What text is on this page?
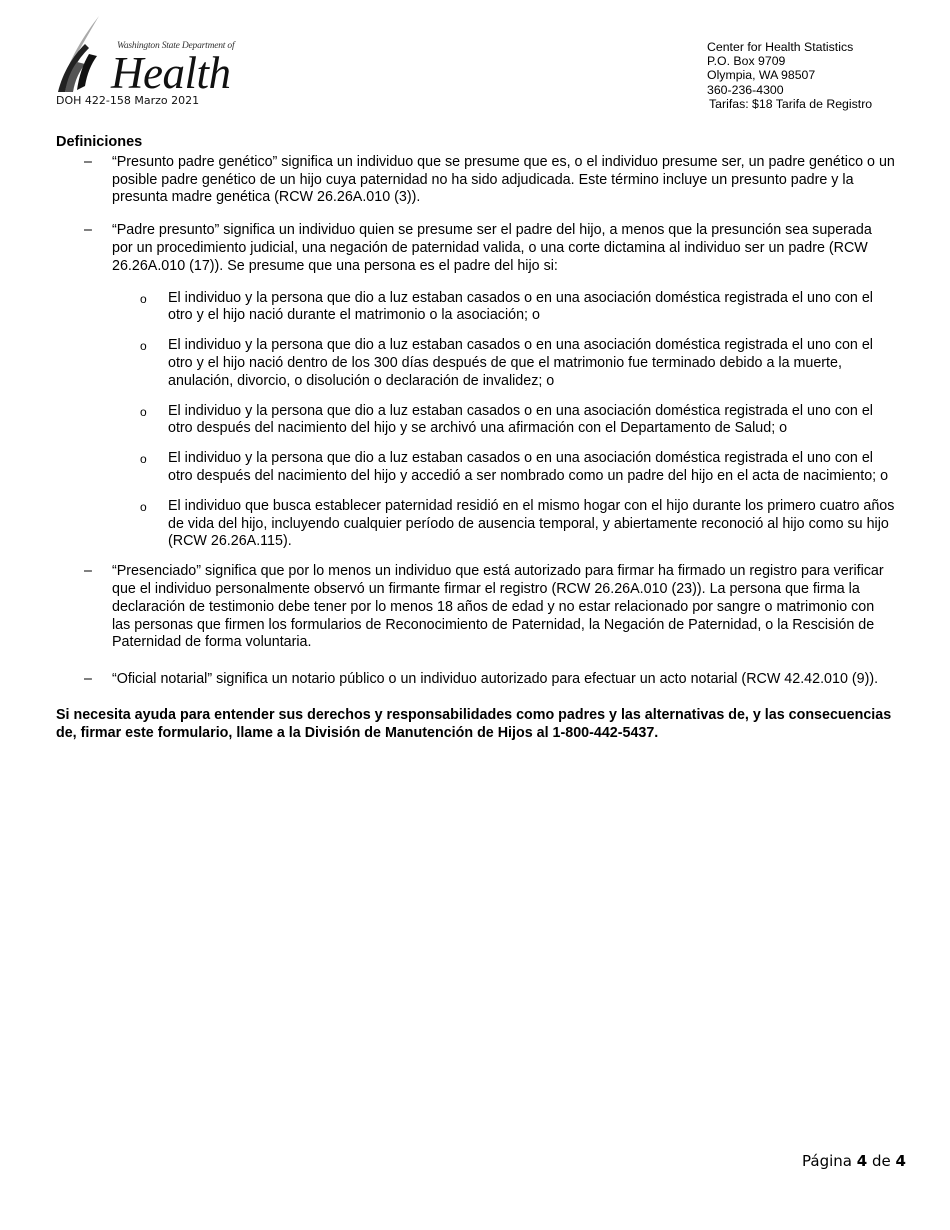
Washington State Department of
Health
DOH 422-158 Marzo 2021
Center for Health Statistics
P.O. Box 9709
Olympia, WA 98507
360-236-4300
Tarifas: $18 Tarifa de Registro
Definiciones
–	“Presunto padre genético” significa un individuo que se presume que es, o el individuo presume ser, un padre genético o un posible padre genético de un hijo cuya paternidad no ha sido adjudicada. Este término incluye un presunto padre y la presunta madre genética (RCW 26.26A.010 (3)).
–	“Padre presunto” significa un individuo quien se presume ser el padre del hijo, a menos que la presunción sea superada por un procedimiento judicial, una negación de paternidad valida, o una corte dictamina al individuo ser un padre (RCW 26.26A.010 (17)). Se presume que una persona es el padre del hijo si:
o	El individuo y la persona que dio a luz estaban casados o en una asociación doméstica registrada el uno con el otro y el hijo nació durante el matrimonio o la asociación; o
o	El individuo y la persona que dio a luz estaban casados o en una asociación doméstica registrada el uno con el otro y el hijo nació dentro de los 300 días después de que el matrimonio fue terminado debido a la muerte, anulación, divorcio, o disolución o declaración de invalidez; o
o	El individuo y la persona que dio a luz estaban casados o en una asociación doméstica registrada el uno con el otro después del nacimiento del hijo y se archivó una afirmación con el Departamento de Salud; o
o	El individuo y la persona que dio a luz estaban casados o en una asociación doméstica registrada el uno con el otro después del nacimiento del hijo y accedió a ser nombrado como un padre del hijo en el acta de nacimiento; o
o	El individuo que busca establecer paternidad residió en el mismo hogar con el hijo durante los primero cuatro años de vida del hijo, incluyendo cualquier período de ausencia temporal, y abiertamente reconoció al hijo como su hijo (RCW 26.26A.115).
–	“Presenciado” significa que por lo menos un individuo que está autorizado para firmar ha firmado un registro para verificar que el individuo personalmente observó un firmante firmar el registro (RCW 26.26A.010 (23)). La persona que firma la declaración de testimonio debe tener por lo menos 18 años de edad y no estar relacionado por sangre o matrimonio con las personas que firmen los formularios de Reconocimiento de Paternidad, la Negación de Paternidad, o la Rescisión de Paternidad de forma voluntaria.
–	“Oficial notarial” significa un notario público o un individuo autorizado para efectuar un acto notarial (RCW 42.42.010 (9)).
Si necesita ayuda para entender sus derechos y responsabilidades como padres y las alternativas de, y las consecuencias de, firmar este formulario, llame a la División de Manutención de Hijos al 1-800-442-5437.
Página 4 de 4
